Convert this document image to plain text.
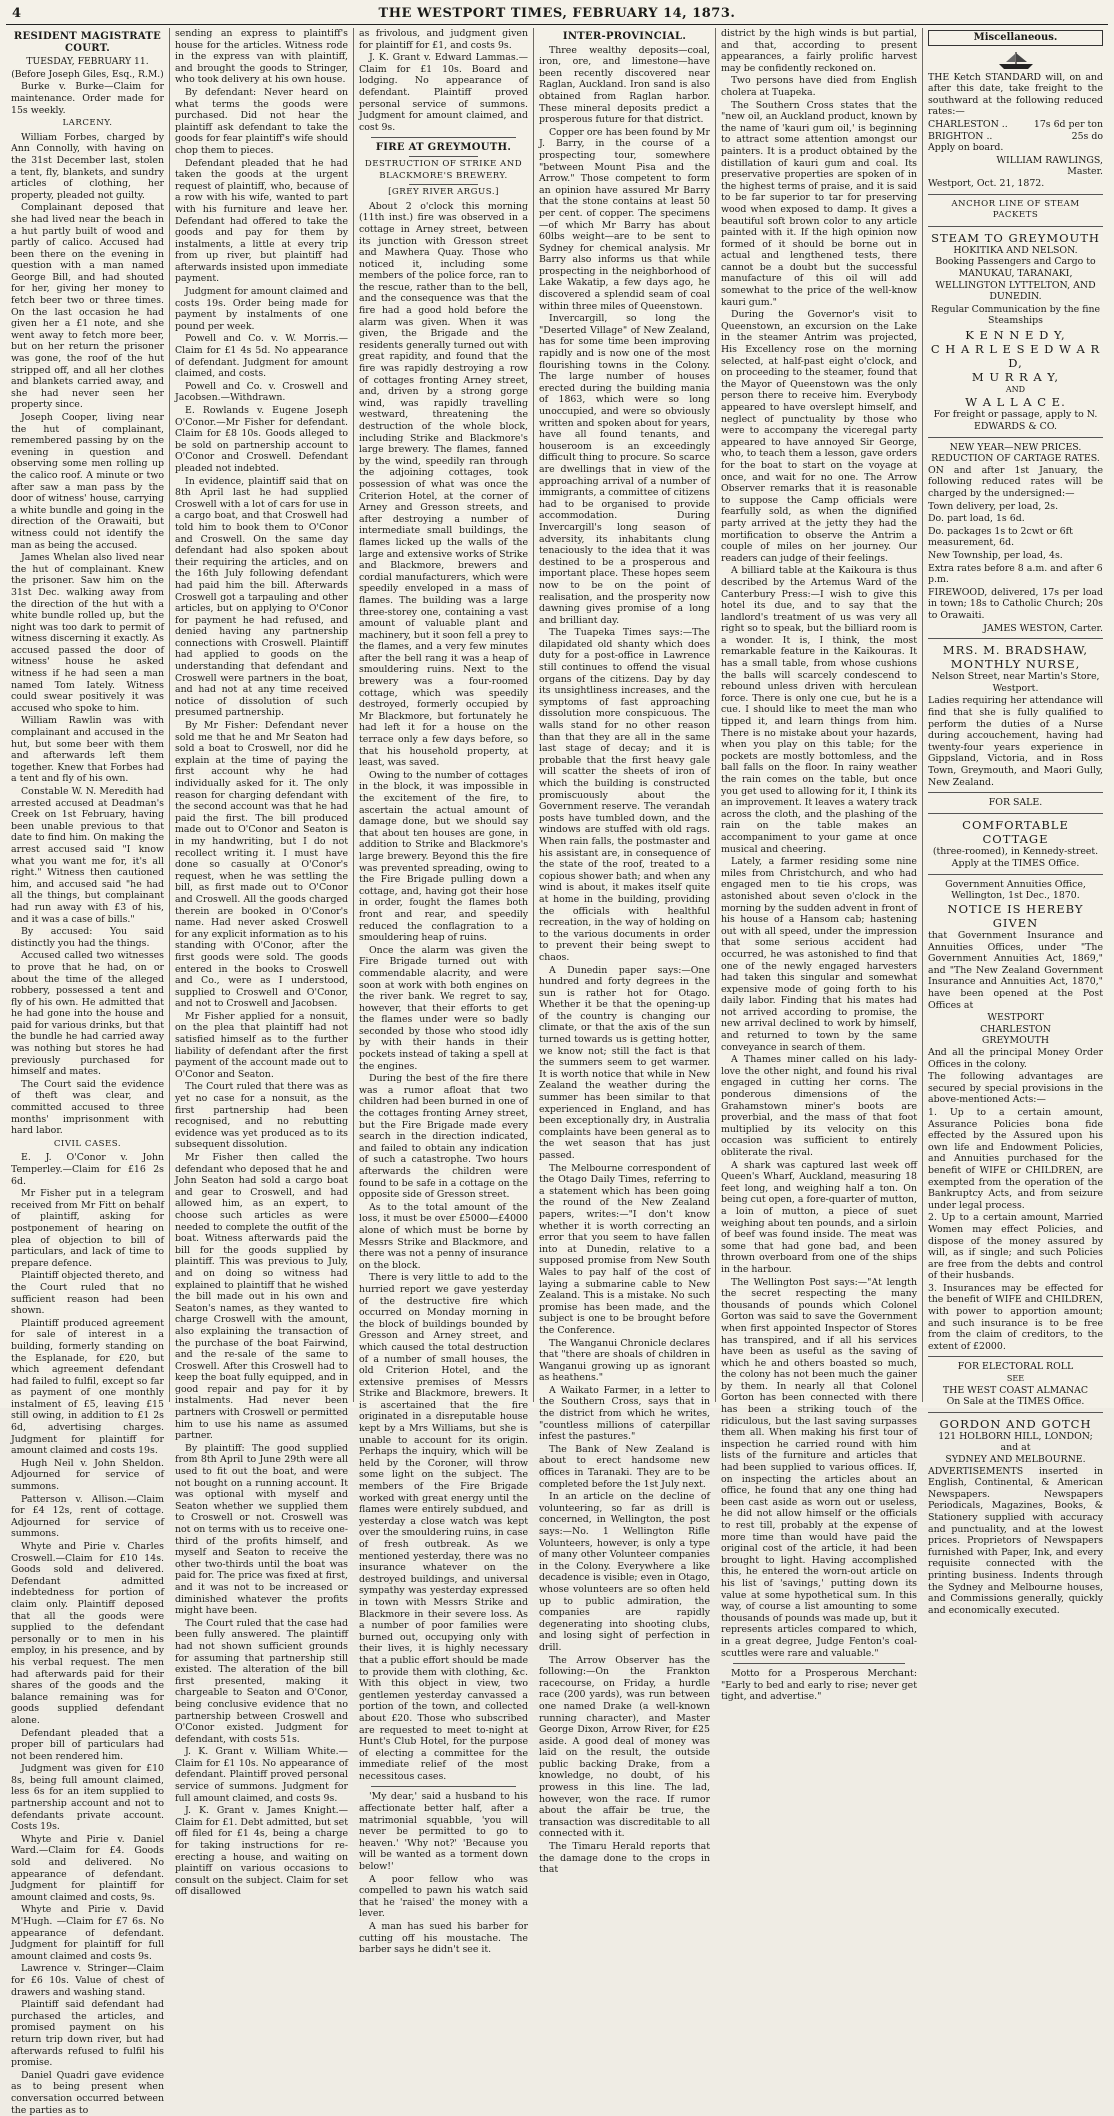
4	THE WESTPORT TIMES, FEBRUARY 14, 1873.
RESIDENT MAGISTRATE COURT.
TUESDAY, FEBRUARY 11.
(Before Joseph Giles, Esq., R.M.)

Burke v. Burke—Claim for maintenance. Order made for 15s weekly.

LARCENY.

William Forbes, charged by Ann Connolly, with having on the 31st December last, stolen a tent, fly, blankets, and sundry articles of clothing, her property, pleaded not guilty.

Complainant deposed that she had lived near the beach in a hut partly built of wood and partly of calico. Accused had been there on the evening in question with a man named George Bill, and had shouted for her, giving her money to fetch beer two or three times. On the last occasion he had given her a £1 note, and she went away to fetch more beer, but on her return the prisoner was gone, the roof of the hut stripped off, and all her clothes and blankets carried away, and she had never seen her property since.

Joseph Cooper, living near the hut of complainant, remembered passing by on the evening in question and observing some men rolling up the calico roof. A minute or two after saw a man pass by the door of witness' house, carrying a white bundle and going in the direction of the Orawaiti, but witness could not identify the man as being the accused.

James Whelan also lived near the hut of complainant. Knew the prisoner. Saw him on the 31st Dec. walking away from the direction of the hut with a white bundle rolled up, but the night was too dark to permit of witness discerning it exactly. As accused passed the door of witness' house he asked witness if he had seen a man named Tom Iately. Witness could swear positively it was accused who spoke to him.

William Rawlin was with complainant and accused in the hut, but some beer with them and afterwards left them together. Knew that Forbes had a tent and fly of his own.

Constable W. N. Meredith had arrested accused at Deadman's Creek on 1st February, having been unable previous to that date to find him. On making the arrest accused said "I know what you want me for, it's all right." Witness then cautioned him, and accused said "he had all the things, but complainant had run away with £3 of his, and it was a case of bills."

By accused: You said distinctly you had the things.

Accused called two witnesses to prove that he had, on or about the time of the alleged robbery, possessed a tent and fly of his own. He admitted that he had gone into the house and paid for various drinks, but that the bundle he had carried away was nothing but stores he had previously purchased for himself and mates.

The Court said the evidence of theft was clear, and committed accused to three months' imprisonment with hard labor.

CIVIL CASES.

E. J. O'Conor v. John Temperley.—Claim for £16 2s 6d.

Mr Fisher put in a telegram received from Mr Fitt on behalf of plaintiff, asking for postponement of hearing on plea of objection to bill of particulars, and lack of time to prepare defence.

Plaintiff objected thereto, and the Court ruled that no sufficient reason had been shown.

Plaintiff produced agreement for sale of interest in a building, formerly standing on the Esplanade, for £20, but which agreement defendant had failed to fulfil, except so far as payment of one monthly instalment of £5, leaving £15 still owing, in addition to £1 2s 6d, advertising charges. Judgment for plaintiff for amount claimed and costs 19s.

Hugh Neil v. John Sheldon. Adjourned for service of summons.

Patterson v. Allison.—Claim for £4 12s, rent of cottage. Adjourned for service of summons.

Whyte and Pirie v. Charles Croswell.—Claim for £10 14s. Goods sold and delivered. Defendant admitted indebtedness for portion of claim only. Plaintiff deposed that all the goods were supplied to the defendant personally or to men in his employ, in his presence, and by his verbal request. The men had afterwards paid for their shares of the goods and the balance remaining was for goods supplied defendant alone.

Defendant pleaded that a proper bill of particulars had not been rendered him.

Judgment was given for £10 8s, being full amount claimed, less 6s for an item supplied to partnership account and not to defendants private account. Costs 19s.

Whyte and Pirie v. Daniel Ward.—Claim for £4. Goods sold and delivered. No appearance of defendant. Judgment for plaintiff for amount claimed and costs, 9s.

Whyte and Pirie v. David M'Hugh. —Claim for £7 6s. No appearance of defendant. Judgment for plaintiff for full amount claimed and costs 9s.

Lawrence v. Stringer—Claim for £6 10s. Value of chest of drawers and washing stand.

Plaintiff said defendant had purchased the articles, and promised payment on his return trip down river, but had afterwards refused to fulfil his promise.

Daniel Quadri gave evidence as to being present when conversation occurred between the parties as to

sending an express to plaintiff's house for the articles. Witness rode in the express van with plaintiff, and brought the goods to Stringer, who took delivery at his own house.

By defendant: Never heard on what terms the goods were purchased. Did not hear the plaintiff ask defendant to take the goods for fear plaintiff's wife should chop them to pieces.

Defendant pleaded that he had taken the goods at the urgent request of plaintiff, who, because of a row with his wife, wanted to part with his furniture and leave her. Defendant had offered to take the goods and pay for them by instalments, a little at every trip from up river, but plaintiff had afterwards insisted upon immediate payment.

Judgment for amount claimed and costs 19s. Order being made for payment by instalments of one pound per week.

Powell and Co. v. W. Morris.—Claim for £1 4s 5d. No appearance of defendant. Judgment for amount claimed, and costs.

Powell and Co. v. Croswell and Jacobsen.—Withdrawn.

E. Rowlands v. Eugene Joseph O'Conor.—Mr Fisher for defendant. Claim for £8 10s. Goods alleged to be sold on partnership account to O'Conor and Croswell. Defendant pleaded not indebted.

In evidence, plaintiff said that on 8th April last he had supplied Croswell with a lot of cars for use in a cargo boat, and that Croswell had told him to book them to O'Conor and Croswell. On the same day defendant had also spoken about their requiring the articles, and on the 16th July following defendant had paid him the bill. Afterwards Croswell got a tarpauling and other articles, but on applying to O'Conor for payment he had refused, and denied having any partnership connections with Croswell. Plaintiff had applied to goods on the understanding that defendant and Croswell were partners in the boat, and had not at any time received notice of dissolution of such presumed partnership.

By Mr Fisher: Defendant never sold me that he and Mr Seaton had sold a boat to Croswell, nor did he explain at the time of paying the first account why he had individually asked for it. The only reason for charging defendant with the second account was that he had paid the first. The bill produced made out to O'Conor and Seaton is in my handwriting, but I do not recollect writing it. I must have done so casually at O'Conor's request, when he was settling the bill, as first made out to O'Conor and Croswell. All the goods charged therein are booked in O'Conor's name. Had never asked Croswell for any explicit information as to his standing with O'Conor, after the first goods were sold. The goods entered in the books to Croswell and Co., were as I understood, supplied to Croswell and O'Conor, and not to Croswell and Jacobsen.

Mr Fisher applied for a nonsuit, on the plea that plaintiff had not satisfied himself as to the further liability of defendant after the first payment of the account made out to O'Conor and Seaton.

The Court ruled that there was as yet no case for a nonsuit, as the first partnership had been recognised, and no rebutting evidence was yet produced as to its subsequent dissolution.

Mr Fisher then called the defendant who deposed that he and John Seaton had sold a cargo boat and gear to Croswell, and had allowed him, as an expert, to choose such articles as were needed to complete the outfit of the boat. Witness afterwards paid the bill for the goods supplied by plaintiff. This was previous to July, and on doing so witness had explained to plaintiff that he wished the bill made out in his own and Seaton's names, as they wanted to charge Croswell with the amount, also explaining the transaction of the purchase of the boat Fairwind, and the re-sale of the same to Croswell. After this Croswell had to keep the boat fully equipped, and in good repair and pay for it by instalments. Had never been partners with Croswell or permitted him to use his name as assumed partner.

By plaintiff: The good supplied from 8th April to June 29th were all used to fit out the boat, and were not bought on a running account. It was optional with myself and Seaton whether we supplied them to Croswell or not. Croswell was not on terms with us to receive one-third of the profits himself, and myself and Seaton to receive the other two-thirds until the boat was paid for. The price was fixed at first, and it was not to be increased or diminished whatever the profits might have been.

The Court ruled that the case had been fully answered. The plaintiff had not shown sufficient grounds for assuming that partnership still existed. The alteration of the bill first presented, making it chargeable to Seaton and O'Conor, being conclusive evidence that no partnership between Croswell and O'Conor existed. Judgment for defendant, with costs 51s.

J. K. Grant v. William White.— Claim for £1 10s. No appearance of defendant. Plaintiff proved personal service of summons. Judgment for full amount claimed, and costs 9s.

J. K. Grant v. James Knight.— Claim for £1. Debt admitted, but set off filed for £1 4s, being a charge for taking instructions for re-erecting a house, and waiting on plaintiff on various occasions to consult on the subject. Claim for set off disallowed

as frivolous, and judgment given for plaintiff for £1, and costs 9s.

J. K. Grant v. Edward Lammas.— Claim for £1 10s. Board and lodging. No appearance of defendant. Plaintiff proved personal service of summons. Judgment for amount claimed, and cost 9s.

FIRE AT GREYMOUTH.
DESTRUCTION OF STRIKE AND BLACKMORE'S BREWERY.
[GREY RIVER ARGUS.]

About 2 o'clock this morning (11th inst.) fire was observed in a cottage in Arney street, between its junction with Gresson street and Mawhera Quay. Those who noticed it, including some members of the police force, ran to the rescue, rather than to the bell, and the consequence was that the fire had a good hold before the alarm was given. When it was given, the Brigade and the residents generally turned out with great rapidity, and found that the fire was rapidly destroying a row of cottages fronting Arney street, and, driven by a strong gorge wind, was rapidly travelling westward, threatening the destruction of the whole block, including Strike and Blackmore's large brewery. The flames, fanned by the wind, speedily ran through the adjoining cottages, took possession of what was once the Criterion Hotel, at the corner of Arney and Gresson streets, and after destroying a number of intermediate small buildings, the flames licked up the walls of the large and extensive works of Strike and Blackmore, brewers and cordial manufacturers, which were speedily enveloped in a mass of flames. The building was a large three-storey one, containing a vast amount of valuable plant and machinery, but it soon fell a prey to the flames, and a very few minutes after the bell rang it was a heap of smouldering ruins. Next to the brewery was a four-roomed cottage, which was speedily destroyed, formerly occupied by Mr Blackmore, but fortunately he had left it for a house on the terrace only a few days before, so that his household property, at least, was saved.

Owing to the number of cottages in the block, it was impossible in the excitement of the fire, to ascertain the actual amount of damage done, but we should say that about ten houses are gone, in addition to Strike and Blackmore's large brewery. Beyond this the fire was prevented spreading, owing to the Fire Brigade pulling down a cottage, and, having got their hose in order, fought the flames both front and rear, and speedily reduced the conflagration to a smouldering heap of ruins.

Once the alarm was given the Fire Brigade turned out with commendable alacrity, and were soon at work with both engines on the river bank. We regret to say, however, that their efforts to get the flames under were so badly seconded by those who stood idly by with their hands in their pockets instead of taking a spell at the engines.

During the best of the fire there was a rumor afloat that two children had been burned in one of the cottages fronting Arney street, but the Fire Brigade made every search in the direction indicated, and failed to obtain any indication of such a catastrophe. Two hours afterwards the children were found to be safe in a cottage on the opposite side of Gresson street.

As to the total amount of the loss, it must be over £5000—£4000 alone of which must be borne by Messrs Strike and Blackmore, and there was not a penny of insurance on the block.

There is very little to add to the hurried report we gave yesterday of the destructive fire which occurred on Monday morning in the block of buildings bounded by Gresson and Arney street, and which caused the total destruction of a number of small houses, the old Criterion Hotel, and the extensive premises of Messrs Strike and Blackmore, brewers. It is ascertained that the fire originated in a disreputable house kept by a Mrs Williams, but she is unable to account for its origin. Perhaps the inquiry, which will be held by the Coroner, will throw some light on the subject. The members of the Fire Brigade worked with great energy until the flames were entirely subdued, and yesterday a close watch was kept over the smouldering ruins, in case of fresh outbreak. As we mentioned yesterday, there was no insurance whatever on the destroyed buildings, and universal sympathy was yesterday expressed in town with Messrs Strike and Blackmore in their severe loss. As a number of poor families were burned out, occupying only with their lives, it is highly necessary that a public effort should be made to provide them with clothing, &c. With this object in view, two gentlemen yesterday canvassed a portion of the town, and collected about £20. Those who subscribed are requested to meet to-night at Hunt's Club Hotel, for the purpose of electing a committee for the immediate relief of the most necessitous cases.

'My dear,' said a husband to his affectionate better half, after a matrimonial squabble, 'you will never be permitted to go to heaven.' 'Why not?' 'Because you will be wanted as a torment down below!'

A poor fellow who was compelled to pawn his watch said that he 'raised' the money with a lever.

A man has sued his barber for cutting off his moustache. The barber says he didn't see it.

INTER-PROVINCIAL.

Three wealthy deposits—coal, iron, ore, and limestone—have been recently discovered near Raglan, Auckland. Iron sand is also obtained from Raglan harbor. These mineral deposits predict a prosperous future for that district.

Copper ore has been found by Mr J. Barry, in the course of a prospecting tour, somewhere "between Mount Pisa and the Arrow." Those competent to form an opinion have assured Mr Barry that the stone contains at least 50 per cent. of copper. The specimens—of which Mr Barry has about 60lbs weight—are to be sent to Sydney for chemical analysis. Mr Barry also informs us that while prospecting in the neighborhood of Lake Wakatip, a few days ago, he discovered a splendid seam of coal within three miles of Queenstown.

Invercargill, so long the "Deserted Village" of New Zealand, has for some time been improving rapidly and is now one of the most flourishing towns in the Colony. The large number of houses erected during the building mania of 1863, which were so long unoccupied, and were so obviously written and spoken about for years, have all found tenants, and houseroom is an exceedingly difficult thing to procure. So scarce are dwellings that in view of the approaching arrival of a number of immigrants, a committee of citizens had to be organised to provide accommodation. During Invercargill's long season of adversity, its inhabitants clung tenaciously to the idea that it was destined to be a prosperous and important place. These hopes seem now to be on the point of realisation, and the prosperity now dawning gives promise of a long and brilliant day.

The Tuapeka Times says:—The dilapidated old shanty which does duty for a post-office in Lawrence still continues to offend the visual organs of the citizens. Day by day its unsightliness increases, and the symptoms of fast approaching dissolution more conspicuous. The walls stand for no other reason than that they are all in the same last stage of decay; and it is probable that the first heavy gale will scatter the sheets of iron of which the building is constructed promiscuously about the Government reserve. The verandah posts have tumbled down, and the windows are stuffed with old rags. When rain falls, the postmaster and his assistant are, in consequence of the state of the roof, treated to a copious shower bath; and when any wind is about, it makes itself quite at home in the building, providing the officials with healthful recreation, in the way of holding on to the various documents in order to prevent their being swept to chaos.

A Dunedin paper says:—One hundred and forty degrees in the sun is rather hot for Otago. Whether it be that the opening-up of the country is changing our climate, or that the axis of the sun turned towards us is getting hotter, we know not; still the fact is that the summers seem to get warmer. It is worth notice that while in New Zealand the weather during the summer has been similar to that experienced in England, and has been exceptionally dry, in Australia complaints have been general as to the wet season that has just passed.

The Melbourne correspondent of the Otago Daily Times, referring to a statement which has been going the round of the New Zealand papers, writes:—"I don't know whether it is worth correcting an error that you seem to have fallen into at Dunedin, relative to a supposed promise from New South Wales to pay half of the cost of laying a submarine cable to New Zealand. This is a mistake. No such promise has been made, and the subject is one to be brought before the Conference.

The Wanganui Chronicle declares that "there are shoals of children in Wanganui growing up as ignorant as heathens."

A Waikato Farmer, in a letter to the Southern Cross, says that in the district from which he writes, "countless millions of caterpillar infest the pastures."

The Bank of New Zealand is about to erect handsome new offices in Taranaki. They are to be completed before the 1st July next.

In an article on the decline of volunteering, so far as drill is concerned, in Wellington, the post says:—No. 1 Wellington Rifle Volunteers, however, is only a type of many other Volunteer companies in the Colony. Everywhere a like decadence is visible; even in Otago, whose volunteers are so often held up to public admiration, the companies are rapidly degenerating into shooting clubs, and losing sight of perfection in drill.

The Arrow Observer has the following:—On the Frankton racecourse, on Friday, a hurdle race (200 yards), was run between one named Drake (a well-known running character), and Master George Dixon, Arrow River, for £25 aside. A good deal of money was laid on the result, the outside public backing Drake, from a knowledge, no doubt, of his prowess in this line. The lad, however, won the race. If rumor about the affair be true, the transaction was discreditable to all connected with it.

The Timaru Herald reports that the damage done to the crops in that

district by the high winds is but partial, and that, according to present appearances, a fairly prolific harvest may be confidently reckoned on.

Two persons have died from English cholera at Tuapeka.

The Southern Cross states that the "new oil, an Auckland product, known by the name of 'kauri gum oil,' is beginning to attract some attention amongst our painters. It is a product obtained by the distillation of kauri gum and coal. Its preservative properties are spoken of in the highest terms of praise, and it is said to be far superior to tar for preserving wood when exposed to damp. It gives a beautiful soft brown color to any article painted with it. If the high opinion now formed of it should be borne out in actual and lengthened tests, there cannot be a doubt but the successful manufacture of this oil will add somewhat to the price of the well-know kauri gum."

During the Governor's visit to Queenstown, an excursion on the Lake in the steamer Antrim was projected, His Excellency rose on the morning selected, at half-past eight o'clock, and on proceeding to the steamer, found that the Mayor of Queenstown was the only person there to receive him. Everybody appeared to have overslept himself, and neglect of punctuality by those who were to accompany the viceregal party appeared to have annoyed Sir George, who, to teach them a lesson, gave orders for the boat to start on the voyage at once, and wait for no one. The Arrow Observer remarks that it is reasonable to suppose the Camp officials were fearfully sold, as when the dignified party arrived at the jetty they had the mortification to observe the Antrim a couple of miles on her journey. Our readers can judge of their feelings.

A billiard table at the Kaikoura is thus described by the Artemus Ward of the Canterbury Press:—I wish to give this hotel its due, and to say that the landlord's treatment of us was very all right so to speak, but the billiard room is a wonder. It is, I think, the most remarkable feature in the Kaikouras. It has a small table, from whose cushions the balls will scarcely condescend to rebound unless driven with herculean force. There is only one cue, but he is a cue. I should like to meet the man who tipped it, and learn things from him. There is no mistake about your hazards, when you play on this table; for the pockets are mostly bottomless, and the ball falls on the floor. In rainy weather the rain comes on the table, but once you get used to allowing for it, I think its an improvement. It leaves a watery track across the cloth, and the plashing of the rain on the table makes an accompaniment to your game at once musical and cheering.

Lately, a farmer residing some nine miles from Christchurch, and who had engaged men to tie his crops, was astonished about seven o'clock in the morning by the sudden advent in front of his house of a Hansom cab; hastening out with all speed, under the impression that some serious accident had occurred, he was astonished to find that one of the newly engaged harvesters had taken this singular and somewhat expensive mode of going forth to his daily labor. Finding that his mates had not arrived according to promise, the new arrival declined to work by himself, and returned to town by the same conveyance in search of them.

A Thames miner called on his lady-love the other night, and found his rival engaged in cutting her corns. The ponderous dimensions of the Grahamstown miner's boots are proverbial, and the mass of that foot multiplied by its velocity on this occasion was sufficient to entirely obliterate the rival.

A shark was captured last week off Queen's Wharf, Auckland, measuring 18 feet long, and weighing half a ton. On being cut open, a fore-quarter of mutton, a loin of mutton, a piece of suet weighing about ten pounds, and a sirloin of beef was found inside. The meat was some that had gone bad, and been thrown overboard from one of the ships in the harbour.

The Wellington Post says:—"At length the secret respecting the many thousands of pounds which Colonel Gorton was said to save the Government when first appointed Inspector of Stores has transpired, and if all his services have been as useful as the saving of which he and others boasted so much, the colony has not been much the gainer by them. In nearly all that Colonel Gorton has been connected with there has been a striking touch of the ridiculous, but the last saving surpasses them all. When making his first tour of inspection he carried round with him lists of the furniture and articles that had been supplied to various offices. If, on inspecting the articles about an office, he found that any one thing had been cast aside as worn out or useless, he did not allow himself or the officials to rest till, probably at the expense of more time than would have paid the original cost of the article, it had been brought to light. Having accomplished this, he entered the worn-out article on his list of 'savings,' putting down its value at some hypothetical sum. In this way, of course a list amounting to some thousands of pounds was made up, but it represents articles compared to which, in a great degree, Judge Fenton's coal-scuttles were rare and valuable."

Motto for a Prosperous Merchant: "Early to bed and early to rise; never get tight, and advertise."

Miscellaneous.

THE Ketch STANDARD will, on and after this date, take freight to the southward at the following reduced rates:—

CHARLESTON ..	17s 6d per ton
BRIGHTON ..	25s do

Apply on board.

WILLIAM RAWLINGS,
Master.

Westport, Oct. 21, 1872.

ANCHOR LINE OF STEAM PACKETS
STEAM TO GREYMOUTH
HOKITIKA AND NELSON.

Booking Passengers and Cargo to MANUKAU, TARANAKI, WELLINGTON LYTTELTON, AND DUNEDIN.

Regular Communication by the fine Steamships

K E N N E D Y,
C H A R L E S E D W A R D,
M U R R A Y,
AND
W A L L A C E.

For freight or passage, apply to N. EDWARDS & CO.

NEW YEAR—NEW PRICES.
REDUCTION OF CARTAGE RATES.

ON and after 1st January, the following reduced rates will be charged by the undersigned:—

Town delivery, per load, 2s.

Do. part load, 1s 6d.

Do. packages 1s to 2cwt or 6ft measurement, 6d.

New Township, per load, 4s.

Extra rates before 8 a.m. and after 6 p.m.

FIREWOOD, delivered, 17s per load in town; 18s to Catholic Church; 20s to Orawaiti.

JAMES WESTON, Carter.
MRS. M. BRADSHAW, MONTHLY NURSE,

Nelson Street, near Martin's Store, Westport.

Ladies requiring her attendance will find that she is fully qualified to perform the duties of a Nurse during accouchement, having had twenty-four years experience in Gippsland, Victoria, and in Ross Town, Greymouth, and Maori Gully, New Zealand.

FOR SALE.
COMFORTABLE COTTAGE

(three-roomed), in Kennedy-street.

Apply at the TIMES Office.

Government Annuities Office,
Wellington, 1st Dec., 1870.
NOTICE IS HEREBY GIVEN

that Government Insurance and Annuities Offices, under "The Government Annuities Act, 1869," and "The New Zealand Government Insurance and Annuities Act, 1870," have been opened at the Post Offices at

WESTPORT
CHARLESTON
GREYMOUTH

And all the principal Money Order Offices in the colony.

The following advantages are secured by special provisions in the above-mentioned Acts:—

1. Up to a certain amount, Assurance Policies bona fide effected by the Assured upon his own life and Endowment Policies, and Annuities purchased for the benefit of WIFE or CHILDREN, are exempted from the operation of the Bankruptcy Acts, and from seizure under legal process.

2. Up to a certain amount, Married Women may effect Policies, and dispose of the money assured by will, as if single; and such Policies are free from the debts and control of their husbands.

3. Insurances may be effected for the benefit of WIFE and CHILDREN, with power to apportion amount; and such insurance is to be free from the claim of creditors, to the extent of £2000.

FOR ELECTORAL ROLL
SEE
THE WEST COAST ALMANAC

On Sale at the TIMES Office.

GORDON AND GOTCH
121 HOLBORN HILL, LONDON;
and at
SYDNEY AND MELBOURNE.

ADVERTISEMENTS inserted in English, Continental, & American Newspapers. Newspapers Periodicals, Magazines, Books, & Stationery supplied with accuracy and punctuality, and at the lowest prices. Proprietors of Newspapers furnished with Paper, Ink, and every requisite connected with the printing business. Indents through the Sydney and Melbourne houses, and Commissions generally, quickly and economically executed.
